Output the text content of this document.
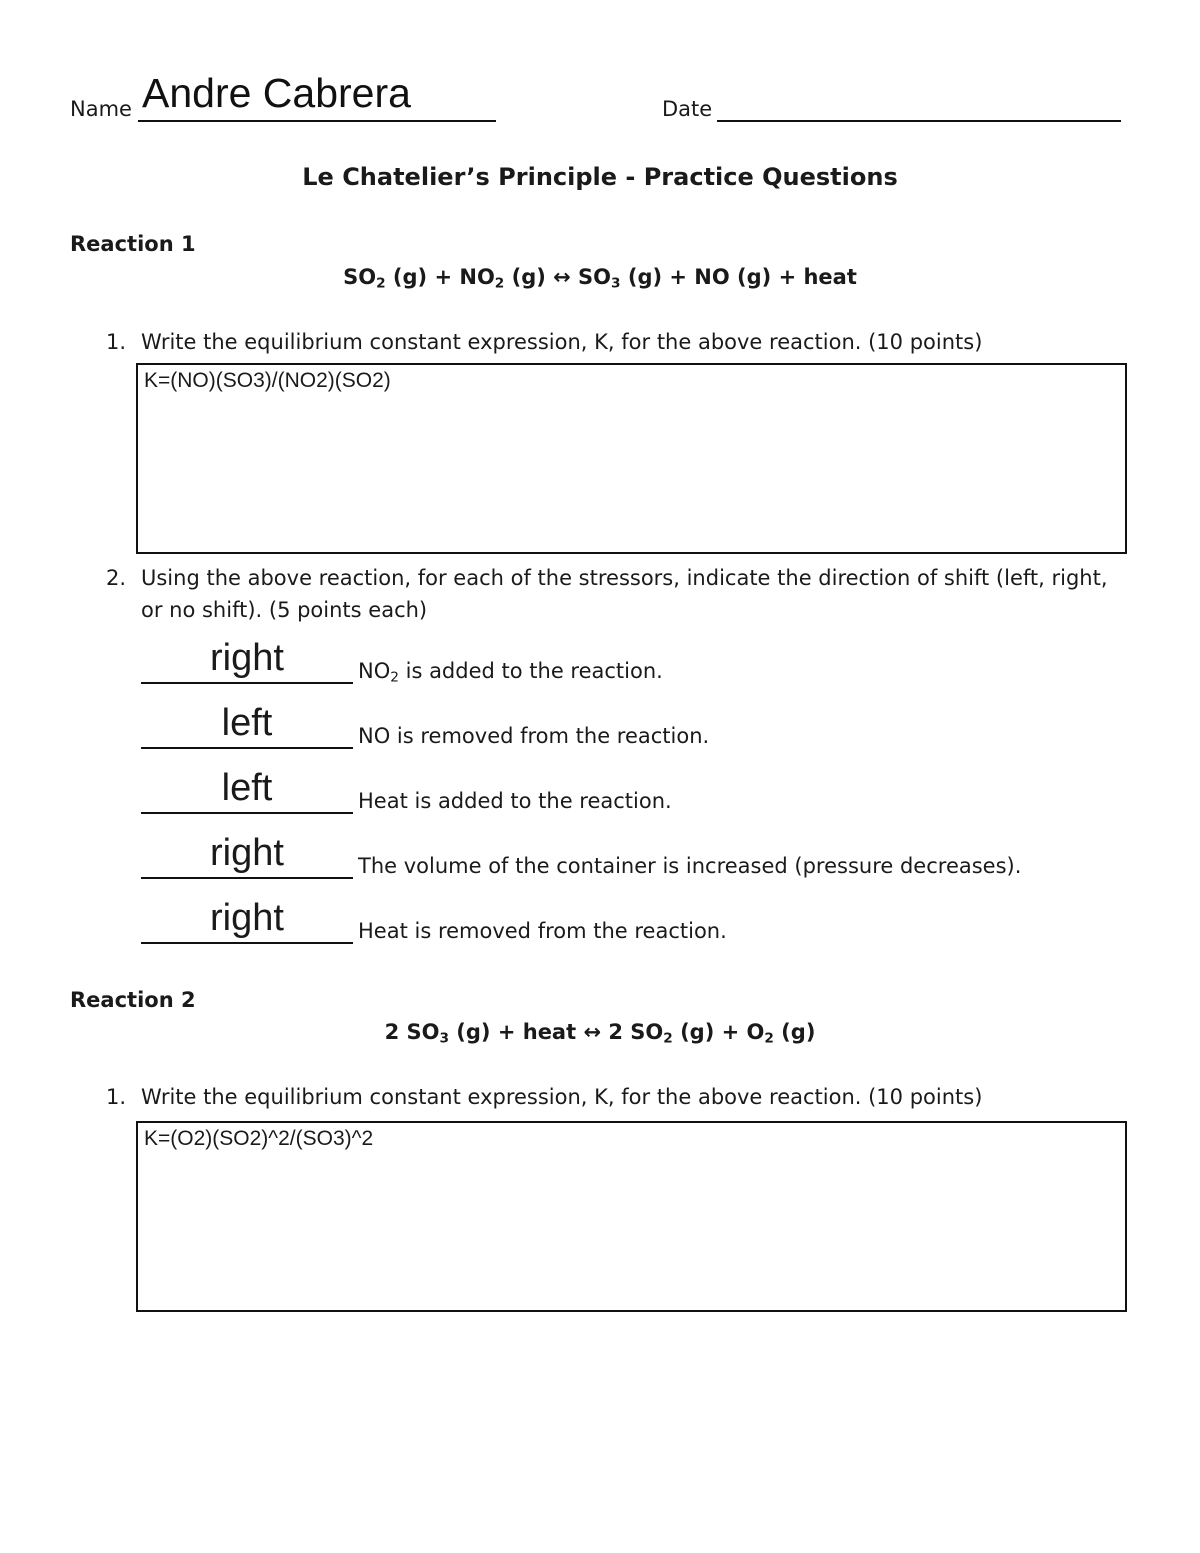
Name Andre Cabrera	Date
Le Chatelier’s Principle - Practice Questions
Reaction 1
$SO_2$ $(g) + NO_2$ (g) ↔ $SO_3$ (g) + NO (g) + heat
1. Write the equilibrium constant expression, K, for the above reaction. (10 points)
K=(NO)(SO3)/(NO2)(SO2)
2. Using the above reaction, for each of the stressors, indicate the direction of shift (left, right, or no shift). (5 points each)
right	$NO_2$ is added to the reaction.
left	NO is removed from the reaction.
left	Heat is added to the reaction.
right	The volume of the container is increased (pressure decreases).
right	Heat is removed from the reaction.
Reaction 2
2 $SO_3$ (g) + heat ↔ 2 $SO_2$ $(g) + O_2$ (g)
1. Write the equilibrium constant expression, K, for the above reaction. (10 points)
K=(O2)(SO2)^2/(SO3)^2
